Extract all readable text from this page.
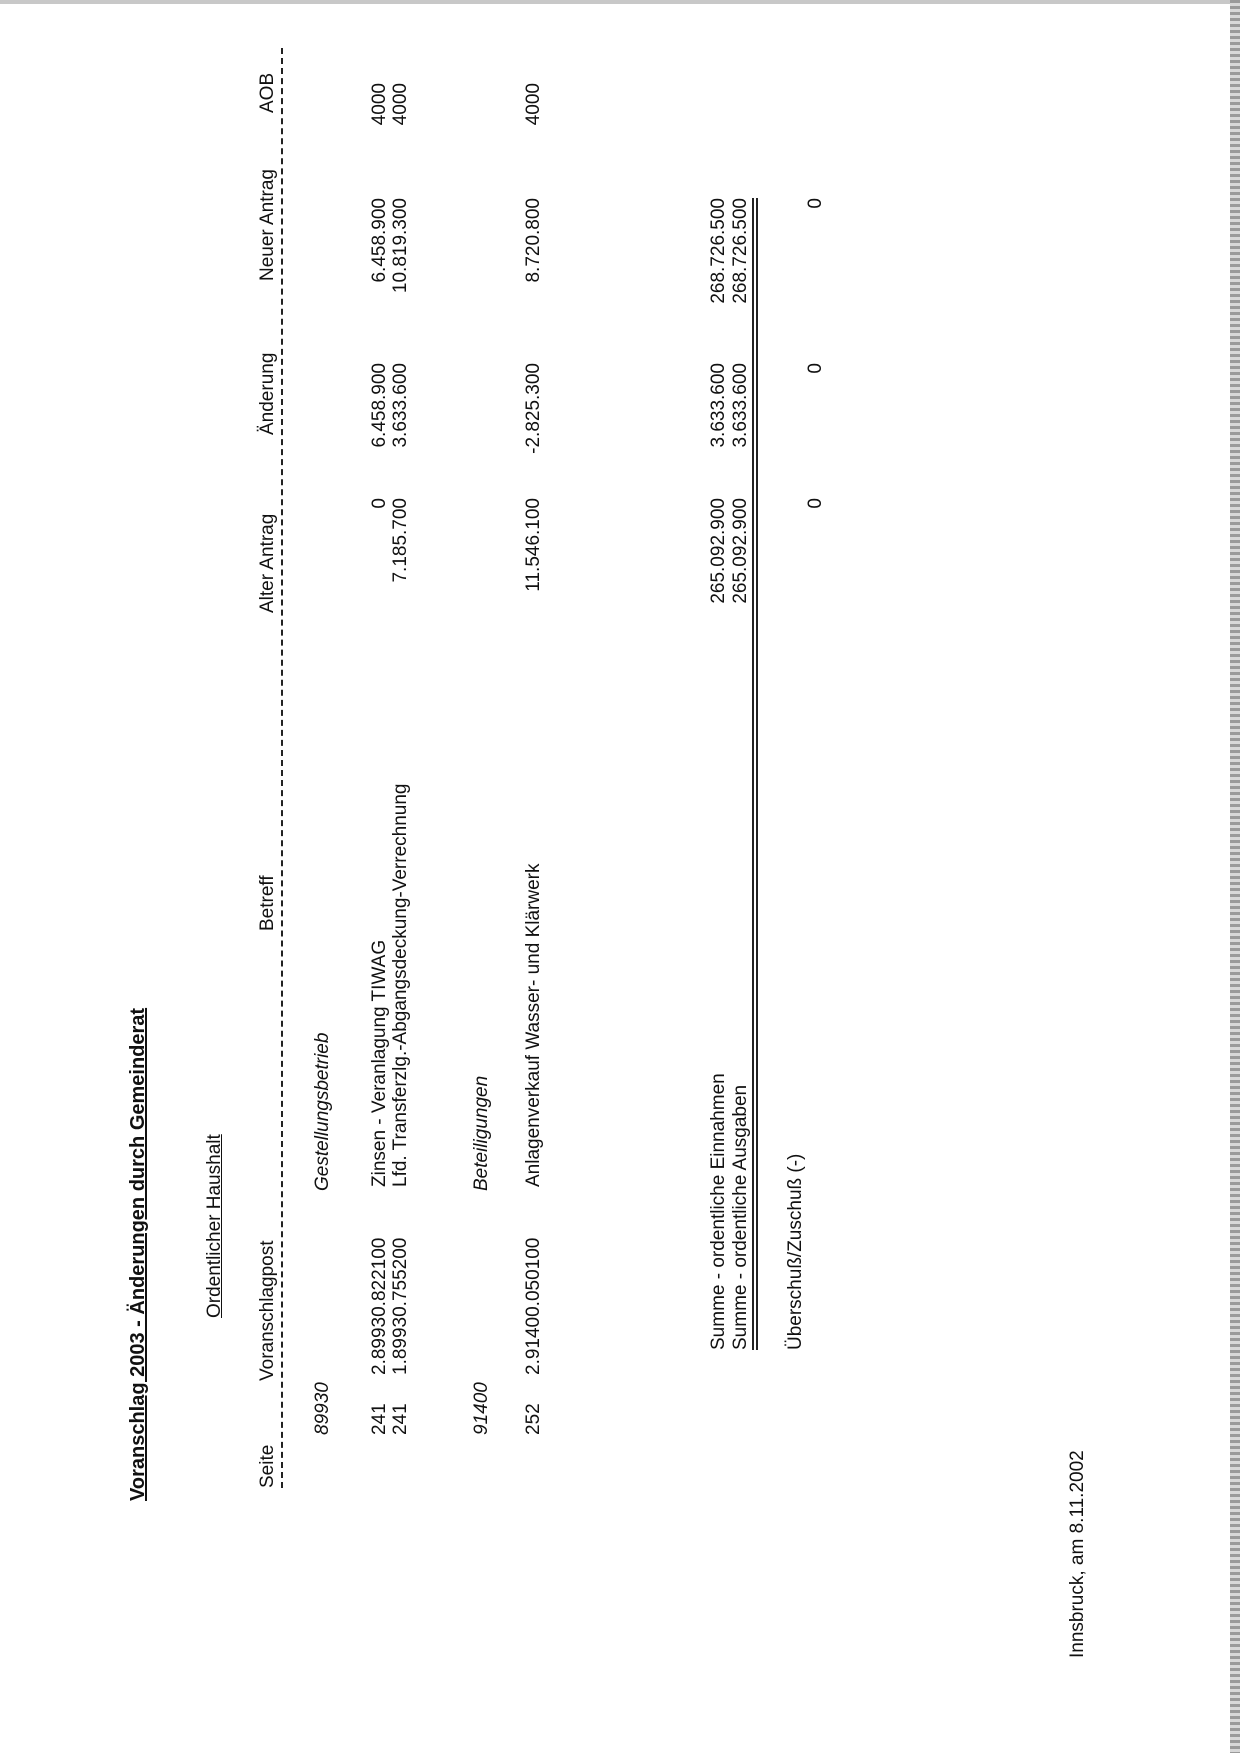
Voranschlag 2003 - Änderungen durch Gemeinderat	Ordentlicher Haushalt
Seite
Voranschlagpost
Betreff
Alter Antrag
Änderung
Neuer Antrag
AOB
89930
Gestellungsbetrieb
241
2.89930.822100
Zinsen - Veranlagung TIWAG
0
6.458.900
6.458.900
4000
241
1.89930.755200
Lfd. Transferzlg.-Abgangsdeckung-Verrechnung
7.185.700
3.633.600
10.819.300
4000
91400
Beteiligungen
252
2.91400.050100
Anlagenverkauf Wasser- und Klärwerk
11.546.100
-2.825.300
8.720.800
4000
Summe - ordentliche Einnahmen
265.092.900
3.633.600
268.726.500
Summe - ordentliche Ausgaben
265.092.900
3.633.600
268.726.500
Überschuß/Zuschuß (-)
0
0
0
Innsbruck, am 8.11.2002
